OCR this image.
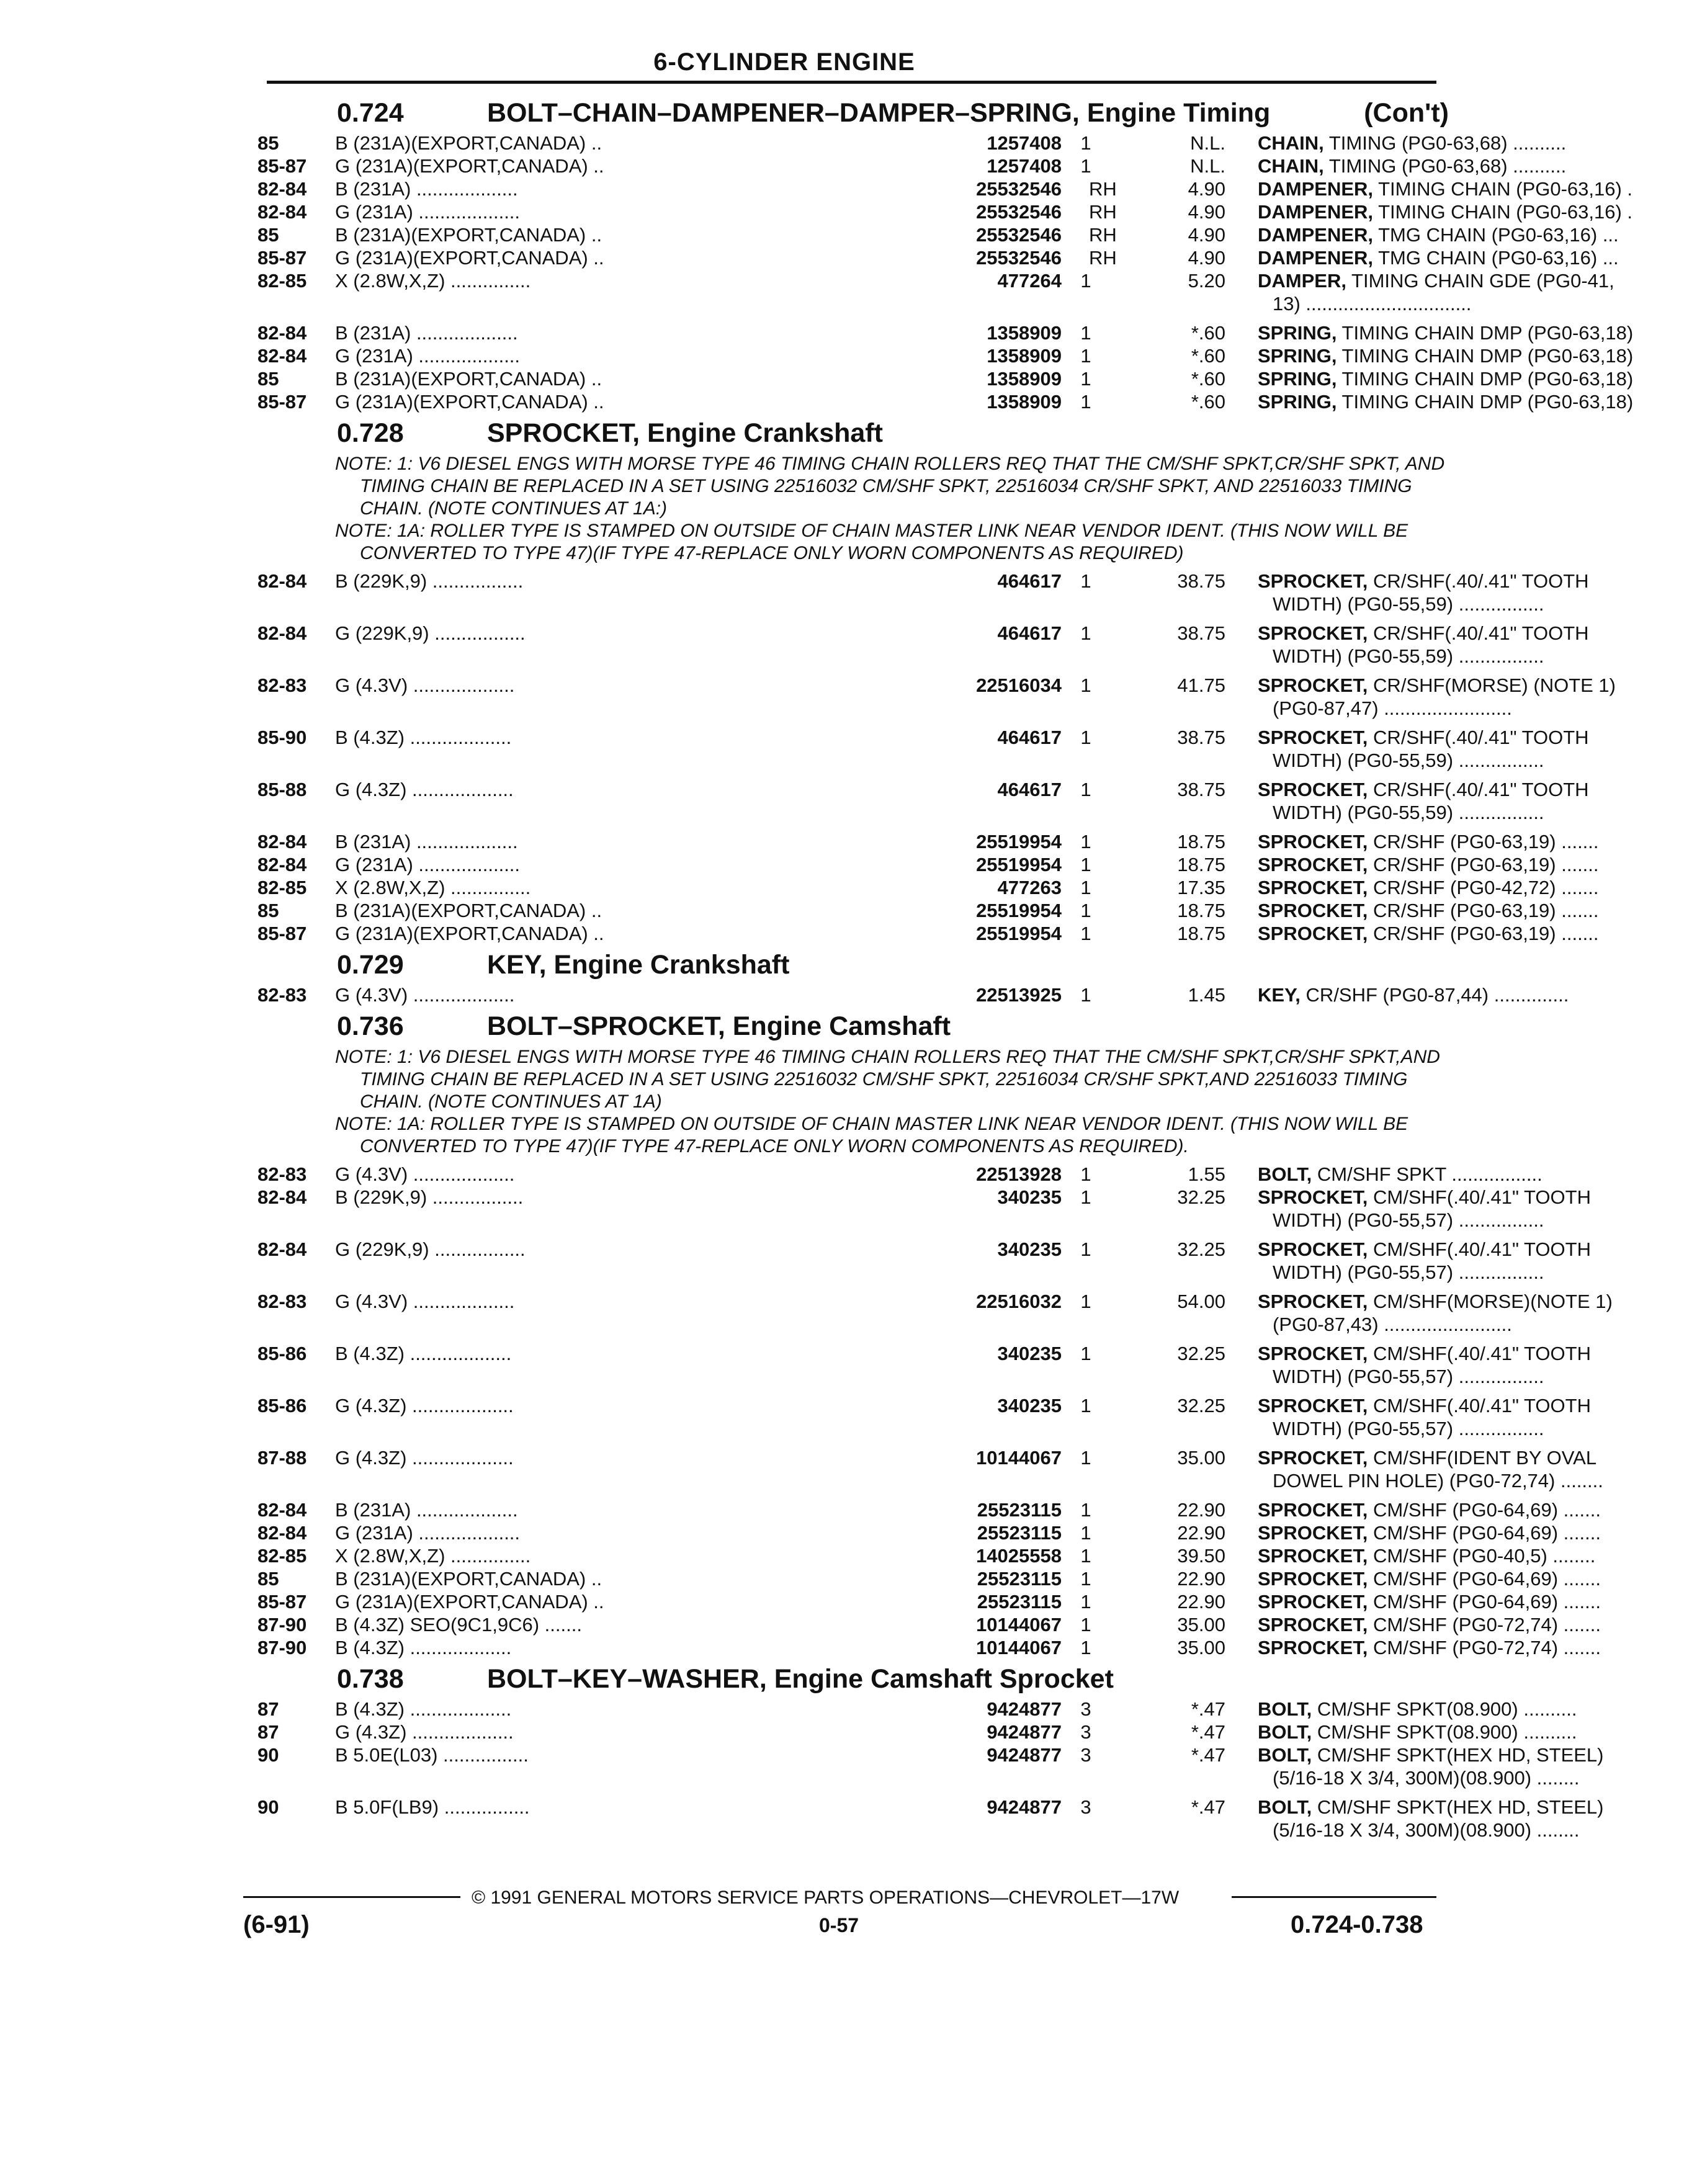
6-CYLINDER ENGINE
0.724	BOLT–CHAIN–DAMPENER–DAMPER–SPRING, Engine Timing	(Con't)
85	B (231A)(EXPORT,CANADA) ..	1257408 1	N.L. CHAIN, TIMING (PG0-63,68) ..........
85-87	G (231A)(EXPORT,CANADA) ..	1257408 1	N.L. CHAIN, TIMING (PG0-63,68) ..........
82-84	B (231A) ...................	25532546 RH	4.90 DAMPENER, TIMING CHAIN (PG0-63,16) .
82-84	G (231A) ...................	25532546 RH	4.90 DAMPENER, TIMING CHAIN (PG0-63,16) .
85	B (231A)(EXPORT,CANADA) ..	25532546 RH	4.90 DAMPENER, TMG CHAIN (PG0-63,16) ...
85-87	G (231A)(EXPORT,CANADA) ..	25532546 RH	4.90 DAMPENER, TMG CHAIN (PG0-63,16) ...
82-85	X (2.8W,X,Z) ...............	477264 1	5.20 DAMPER, TIMING CHAIN GDE (PG0-41,
13) ...............................
82-84	B (231A) ...................	1358909 1	*.60 SPRING, TIMING CHAIN DMP (PG0-63,18)
82-84	G (231A) ...................	1358909 1	*.60 SPRING, TIMING CHAIN DMP (PG0-63,18)
85	B (231A)(EXPORT,CANADA) ..	1358909 1	*.60 SPRING, TIMING CHAIN DMP (PG0-63,18)
85-87	G (231A)(EXPORT,CANADA) ..	1358909 1	*.60 SPRING, TIMING CHAIN DMP (PG0-63,18)
0.728	SPROCKET, Engine Crankshaft
NOTE: 1: V6 DIESEL ENGS WITH MORSE TYPE 46 TIMING CHAIN ROLLERS REQ THAT THE CM/SHF SPKT,CR/SHF SPKT, AND TIMING CHAIN BE REPLACED IN A SET USING 22516032 CM/SHF SPKT, 22516034 CR/SHF SPKT, AND 22516033 TIMING CHAIN. (NOTE CONTINUES AT 1A:)
NOTE: 1A: ROLLER TYPE IS STAMPED ON OUTSIDE OF CHAIN MASTER LINK NEAR VENDOR IDENT. (THIS NOW WILL BE CONVERTED TO TYPE 47)(IF TYPE 47-REPLACE ONLY WORN COMPONENTS AS REQUIRED)
82-84	B (229K,9) .................	464617 1	38.75 SPROCKET, CR/SHF(.40/.41" TOOTH
WIDTH) (PG0-55,59) ................
82-84	G (229K,9) .................	464617 1	38.75 SPROCKET, CR/SHF(.40/.41" TOOTH
WIDTH) (PG0-55,59) ................
82-83	G (4.3V) ...................	22516034 1	41.75 SPROCKET, CR/SHF(MORSE) (NOTE 1)
(PG0-87,47) ........................
85-90	B (4.3Z) ...................	464617 1	38.75 SPROCKET, CR/SHF(.40/.41" TOOTH
WIDTH) (PG0-55,59) ................
85-88	G (4.3Z) ...................	464617 1	38.75 SPROCKET, CR/SHF(.40/.41" TOOTH
WIDTH) (PG0-55,59) ................
82-84	B (231A) ...................	25519954 1	18.75 SPROCKET, CR/SHF (PG0-63,19) .......
82-84	G (231A) ...................	25519954 1	18.75 SPROCKET, CR/SHF (PG0-63,19) .......
82-85	X (2.8W,X,Z) ...............	477263 1	17.35 SPROCKET, CR/SHF (PG0-42,72) .......
85	B (231A)(EXPORT,CANADA) ..	25519954 1	18.75 SPROCKET, CR/SHF (PG0-63,19) .......
85-87	G (231A)(EXPORT,CANADA) ..	25519954 1	18.75 SPROCKET, CR/SHF (PG0-63,19) .......
0.729	KEY, Engine Crankshaft
82-83	G (4.3V) ...................	22513925 1	1.45 KEY, CR/SHF (PG0-87,44) ..............
0.736	BOLT–SPROCKET, Engine Camshaft
NOTE: 1: V6 DIESEL ENGS WITH MORSE TYPE 46 TIMING CHAIN ROLLERS REQ THAT THE CM/SHF SPKT,CR/SHF SPKT,AND TIMING CHAIN BE REPLACED IN A SET USING 22516032 CM/SHF SPKT, 22516034 CR/SHF SPKT,AND 22516033 TIMING CHAIN. (NOTE CONTINUES AT 1A)
NOTE: 1A: ROLLER TYPE IS STAMPED ON OUTSIDE OF CHAIN MASTER LINK NEAR VENDOR IDENT. (THIS NOW WILL BE CONVERTED TO TYPE 47)(IF TYPE 47-REPLACE ONLY WORN COMPONENTS AS REQUIRED).
82-83	G (4.3V) ...................	22513928 1	1.55 BOLT, CM/SHF SPKT .................
82-84	B (229K,9) .................	340235 1	32.25 SPROCKET, CM/SHF(.40/.41" TOOTH
WIDTH) (PG0-55,57) ................
82-84	G (229K,9) .................	340235 1	32.25 SPROCKET, CM/SHF(.40/.41" TOOTH
WIDTH) (PG0-55,57) ................
82-83	G (4.3V) ...................	22516032 1	54.00 SPROCKET, CM/SHF(MORSE)(NOTE 1)
(PG0-87,43) ........................
85-86	B (4.3Z) ...................	340235 1	32.25 SPROCKET, CM/SHF(.40/.41" TOOTH
WIDTH) (PG0-55,57) ................
85-86	G (4.3Z) ...................	340235 1	32.25 SPROCKET, CM/SHF(.40/.41" TOOTH
WIDTH) (PG0-55,57) ................
87-88	G (4.3Z) ...................	10144067 1	35.00 SPROCKET, CM/SHF(IDENT BY OVAL
DOWEL PIN HOLE) (PG0-72,74) ........
82-84	B (231A) ...................	25523115 1	22.90 SPROCKET, CM/SHF (PG0-64,69) .......
82-84	G (231A) ...................	25523115 1	22.90 SPROCKET, CM/SHF (PG0-64,69) .......
82-85	X (2.8W,X,Z) ...............	14025558 1	39.50 SPROCKET, CM/SHF (PG0-40,5) ........
85	B (231A)(EXPORT,CANADA) ..	25523115 1	22.90 SPROCKET, CM/SHF (PG0-64,69) .......
85-87	G (231A)(EXPORT,CANADA) ..	25523115 1	22.90 SPROCKET, CM/SHF (PG0-64,69) .......
87-90	B (4.3Z) SEO(9C1,9C6) .......	10144067 1	35.00 SPROCKET, CM/SHF (PG0-72,74) .......
87-90	B (4.3Z) ...................	10144067 1	35.00 SPROCKET, CM/SHF (PG0-72,74) .......
0.738	BOLT–KEY–WASHER, Engine Camshaft Sprocket
87	B (4.3Z) ...................	9424877 3	*.47 BOLT, CM/SHF SPKT(08.900) ..........
87	G (4.3Z) ...................	9424877 3	*.47 BOLT, CM/SHF SPKT(08.900) ..........
90	B 5.0E(L03) ................	9424877 3	*.47 BOLT, CM/SHF SPKT(HEX HD, STEEL)
(5/16-18 X 3/4, 300M)(08.900) ........
90	B 5.0F(LB9) ................	9424877 3	*.47 BOLT, CM/SHF SPKT(HEX HD, STEEL)
(5/16-18 X 3/4, 300M)(08.900) ........
© 1991 GENERAL MOTORS SERVICE PARTS OPERATIONS—CHEVROLET—17W
(6-91)	0-57	0.724-0.738
